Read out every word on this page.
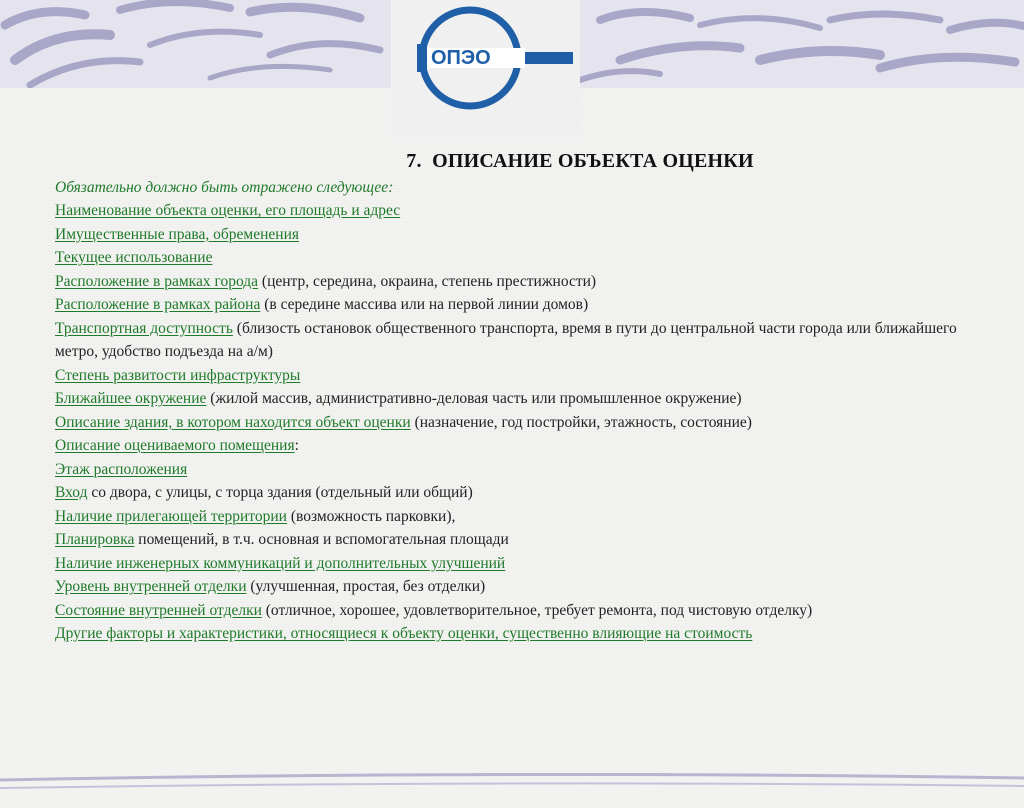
ОПЭО
7. ОПИСАНИЕ ОБЪЕКТА ОЦЕНКИ
Обязательно должно быть отражено следующее:
Наименование объекта оценки, его площадь и адрес
Имущественные права, обременения
Текущее использование
Расположение в рамках города (центр, середина, окраина, степень престижности)
Расположение в рамках района (в середине массива или на первой линии домов)
Транспортная доступность (близость остановок общественного транспорта, время в пути до центральной части города или ближайшего метро, удобство подъезда на а/м)
Степень развитости инфраструктуры
Ближайшее окружение (жилой массив, административно-деловая часть или промышленное окружение)
Описание здания, в котором находится объект оценки (назначение, год постройки, этажность, состояние)
Описание оцениваемого помещения:
Этаж расположения
Вход со двора, с улицы, с торца здания (отдельный или общий)
Наличие прилегающей территории (возможность парковки),
Планировка помещений, в т.ч. основная и вспомогательная площади
Наличие инженерных коммуникаций и дополнительных улучшений
Уровень внутренней отделки (улучшенная, простая, без отделки)
Состояние внутренней отделки (отличное, хорошее, удовлетворительное, требует ремонта, под чистовую отделку)
Другие факторы и характеристики, относящиеся к объекту оценки, существенно влияющие на стоимость
